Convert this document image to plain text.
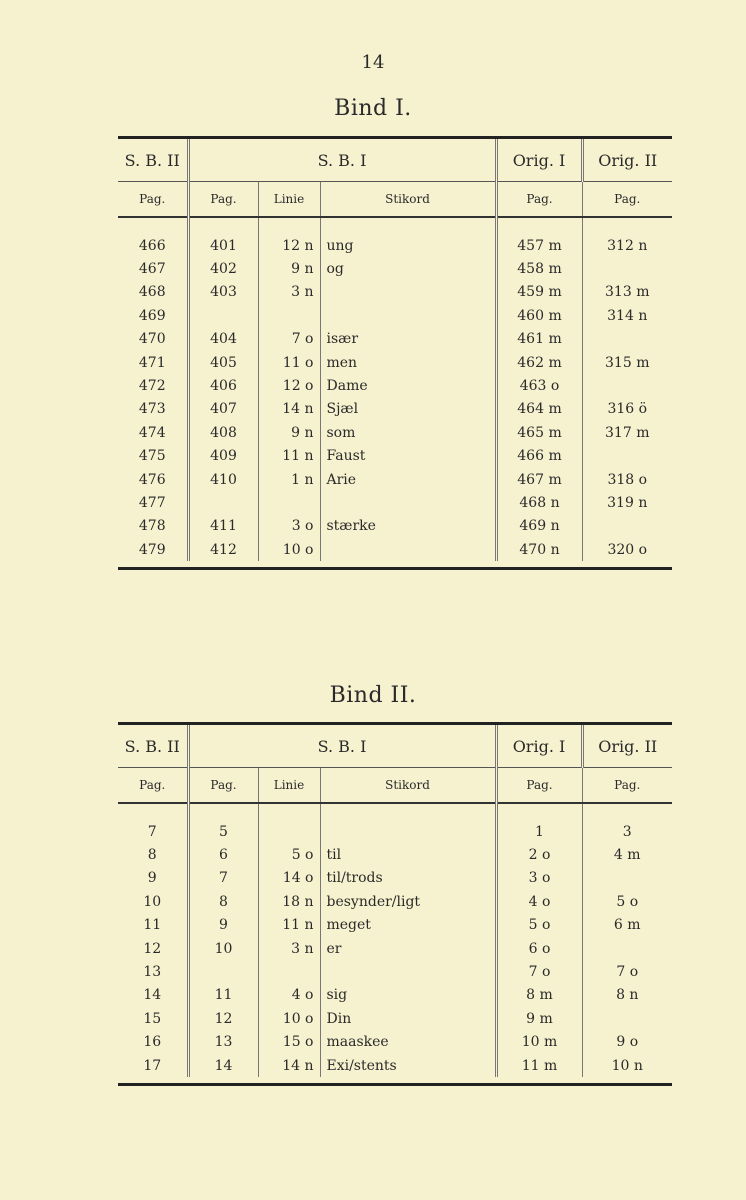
14
Bind I.

S. B. II	S. B. I			Orig. I	Orig. II
Pag.	Pag.	Linie	Stikord	Pag.	Pag.

466	401	12 n	ung	457 m	312 n
467	402	9 n	og	458 m	
468	403	3 n		459 m	313 m
469				460 m	314 n
470	404	7 o	især	461 m	
471	405	11 o	men	462 m	315 m
472	406	12 o	Dame	463 o	
473	407	14 n	Sjæl	464 m	316 ö
474	408	9 n	som	465 m	317 m
475	409	11 n	Faust	466 m	
476	410	1 n	Arie	467 m	318 o
477				468 n	319 n
478	411	3 o	stærke	469 n	
479	412	10 o		470 n	320 o

Bind II.

S. B. II	S. B. I			Orig. I	Orig. II
Pag.	Pag.	Linie	Stikord	Pag.	Pag.

7	5			1	3
8	6	5 o	til	2 o	4 m
9	7	14 o	til/trods	3 o	
10	8	18 n	besynder/ligt	4 o	5 o
11	9	11 n	meget	5 o	6 m
12	10	3 n	er	6 o	
13				7 o	7 o
14	11	4 o	sig	8 m	8 n
15	12	10 o	Din	9 m	
16	13	15 o	maaskee	10 m	9 o
17	14	14 n	Exi/stents	11 m	10 n
